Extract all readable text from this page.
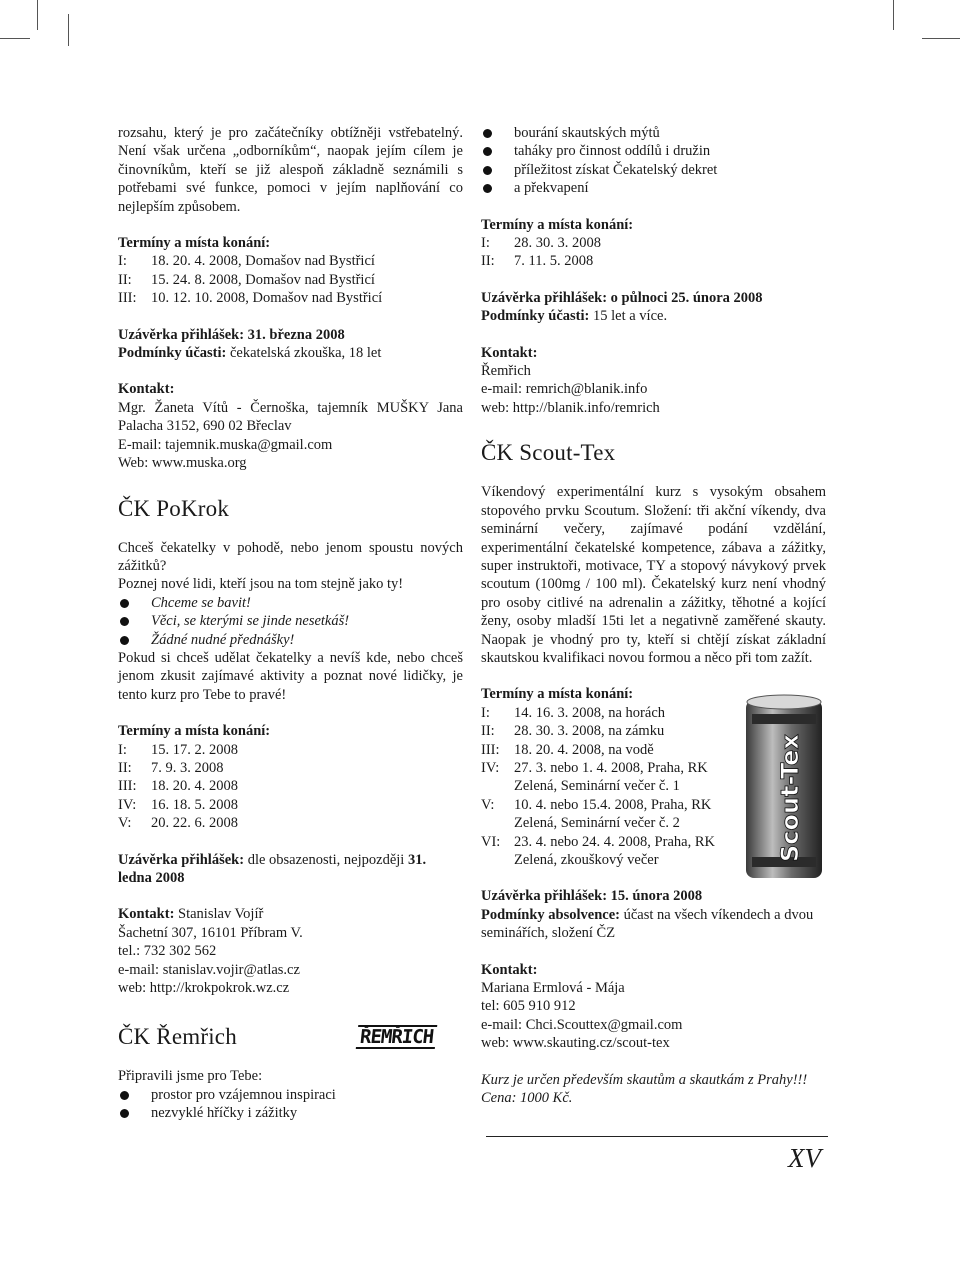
rozsahu, který je pro začátečníky obtížněji vstřebatelný. Není však určena „odborníkům“, naopak jejím cílem je činovníkům, kteří se již alespoň základně seznámili s potřebami své funkce, pomoci v jejím naplňování co nejlepším způsobem.

Termíny a místa konání:

I:	18. 20. 4. 2008, Domašov nad Bystřicí
II:	15. 24. 8. 2008, Domašov nad Bystřicí
III:	10. 12. 10. 2008, Domašov nad Bystřicí

Uzávěrka přihlášek: 31. března 2008

Podmínky účasti: čekatelská zkouška, 18 let

Kontakt:

Mgr. Žaneta Vítů - Černoška, tajemník MUŠKY Jana Palacha 3152, 690 02 Břeclav

E-mail: tajemnik.muska@gmail.com

Web: www.muska.org

ČK PoKrok

Chceš čekatelky v pohodě, nebo jenom spoustu nových zážitků?

Poznej nové lidi, kteří jsou na tom stejně jako ty!

Chceme se bavit!
Věci, se kterými se jinde nesetkáš!
Žádné nudné přednášky!

Pokud si chceš udělat čekatelky a nevíš kde, nebo chceš jenom zkusit zajímavé aktivity a poznat nové lidičky, je tento kurz pro Tebe to pravé!

Termíny a místa konání:

I:	15. 17. 2. 2008
II:	7. 9. 3. 2008
III:	18. 20. 4. 2008
IV:	16. 18. 5. 2008
V:	20. 22. 6. 2008

Uzávěrka přihlášek: dle obsazenosti, nejpozději 31. ledna 2008

Kontakt: Stanislav Vojíř

Šachetní 307, 16101 Příbram V.

tel.: 732 302 562

e-mail: stanislav.vojir@atlas.cz

web: http://krokpokrok.wz.cz

ČK Řemřich	ŘEMŘICH

Připravili jsme pro Tebe:

prostor pro vzájemnou inspiraci
nezvyklé hříčky i zážitky
bourání skautských mýtů
taháky pro činnost oddílů i družin
příležitost získat Čekatelský dekret
a překvapení

Termíny a místa konání:

I:	28. 30. 3. 2008
II:	7. 11. 5. 2008

Uzávěrka přihlášek: o půlnoci 25. února 2008

Podmínky účasti: 15 let a více.

Kontakt:

Řemřich

e-mail: remrich@blanik.info

web: http://blanik.info/remrich

ČK Scout-Tex

Víkendový experimentální kurz s vysokým obsahem stopového prvku Scoutum. Složení: tři akční víkendy, dva seminární večery, zajímavé podání vzdělání, experimentální čekatelské kompetence, zábava a zážitky, super instruktoři, motivace, TY a stopový návykový prvek scoutum (100mg / 100 ml). Čekatelský kurz není vhodný pro osoby citlivé na adrenalin a zážitky, těhotné a kojící ženy, osoby mladší 15ti let a negativně zaměřené skauty. Naopak je vhodný pro ty, kteří si chtějí získat základní skautskou kvalifikaci novou formou a něco při tom zažít.

Termíny a místa konání:

I:	14. 16. 3. 2008, na horách
II:	28. 30. 3. 2008, na zámku
III:	18. 20. 4. 2008, na vodě
IV:	27. 3. nebo 1. 4. 2008, Praha, RK Zelená, Seminární večer č. 1
V:	10. 4. nebo 15.4. 2008, Praha, RK Zelená, Seminární večer č. 2
VI:	23. 4. nebo 24. 4. 2008, Praha, RK Zelená, zkouškový večer

Uzávěrka přihlášek: 15. února 2008

Podmínky absolvence: účast na všech víkendech a dvou seminářích, složení ČZ

Kontakt:

Mariana Ermlová - Mája

tel: 605 910 912

e-mail: Chci.Scouttex@gmail.com

web: www.skauting.cz/scout-tex

Kurz je určen především skautům a skautkám z Prahy!!! Cena: 1000 Kč.

Scout-Tex
XV
